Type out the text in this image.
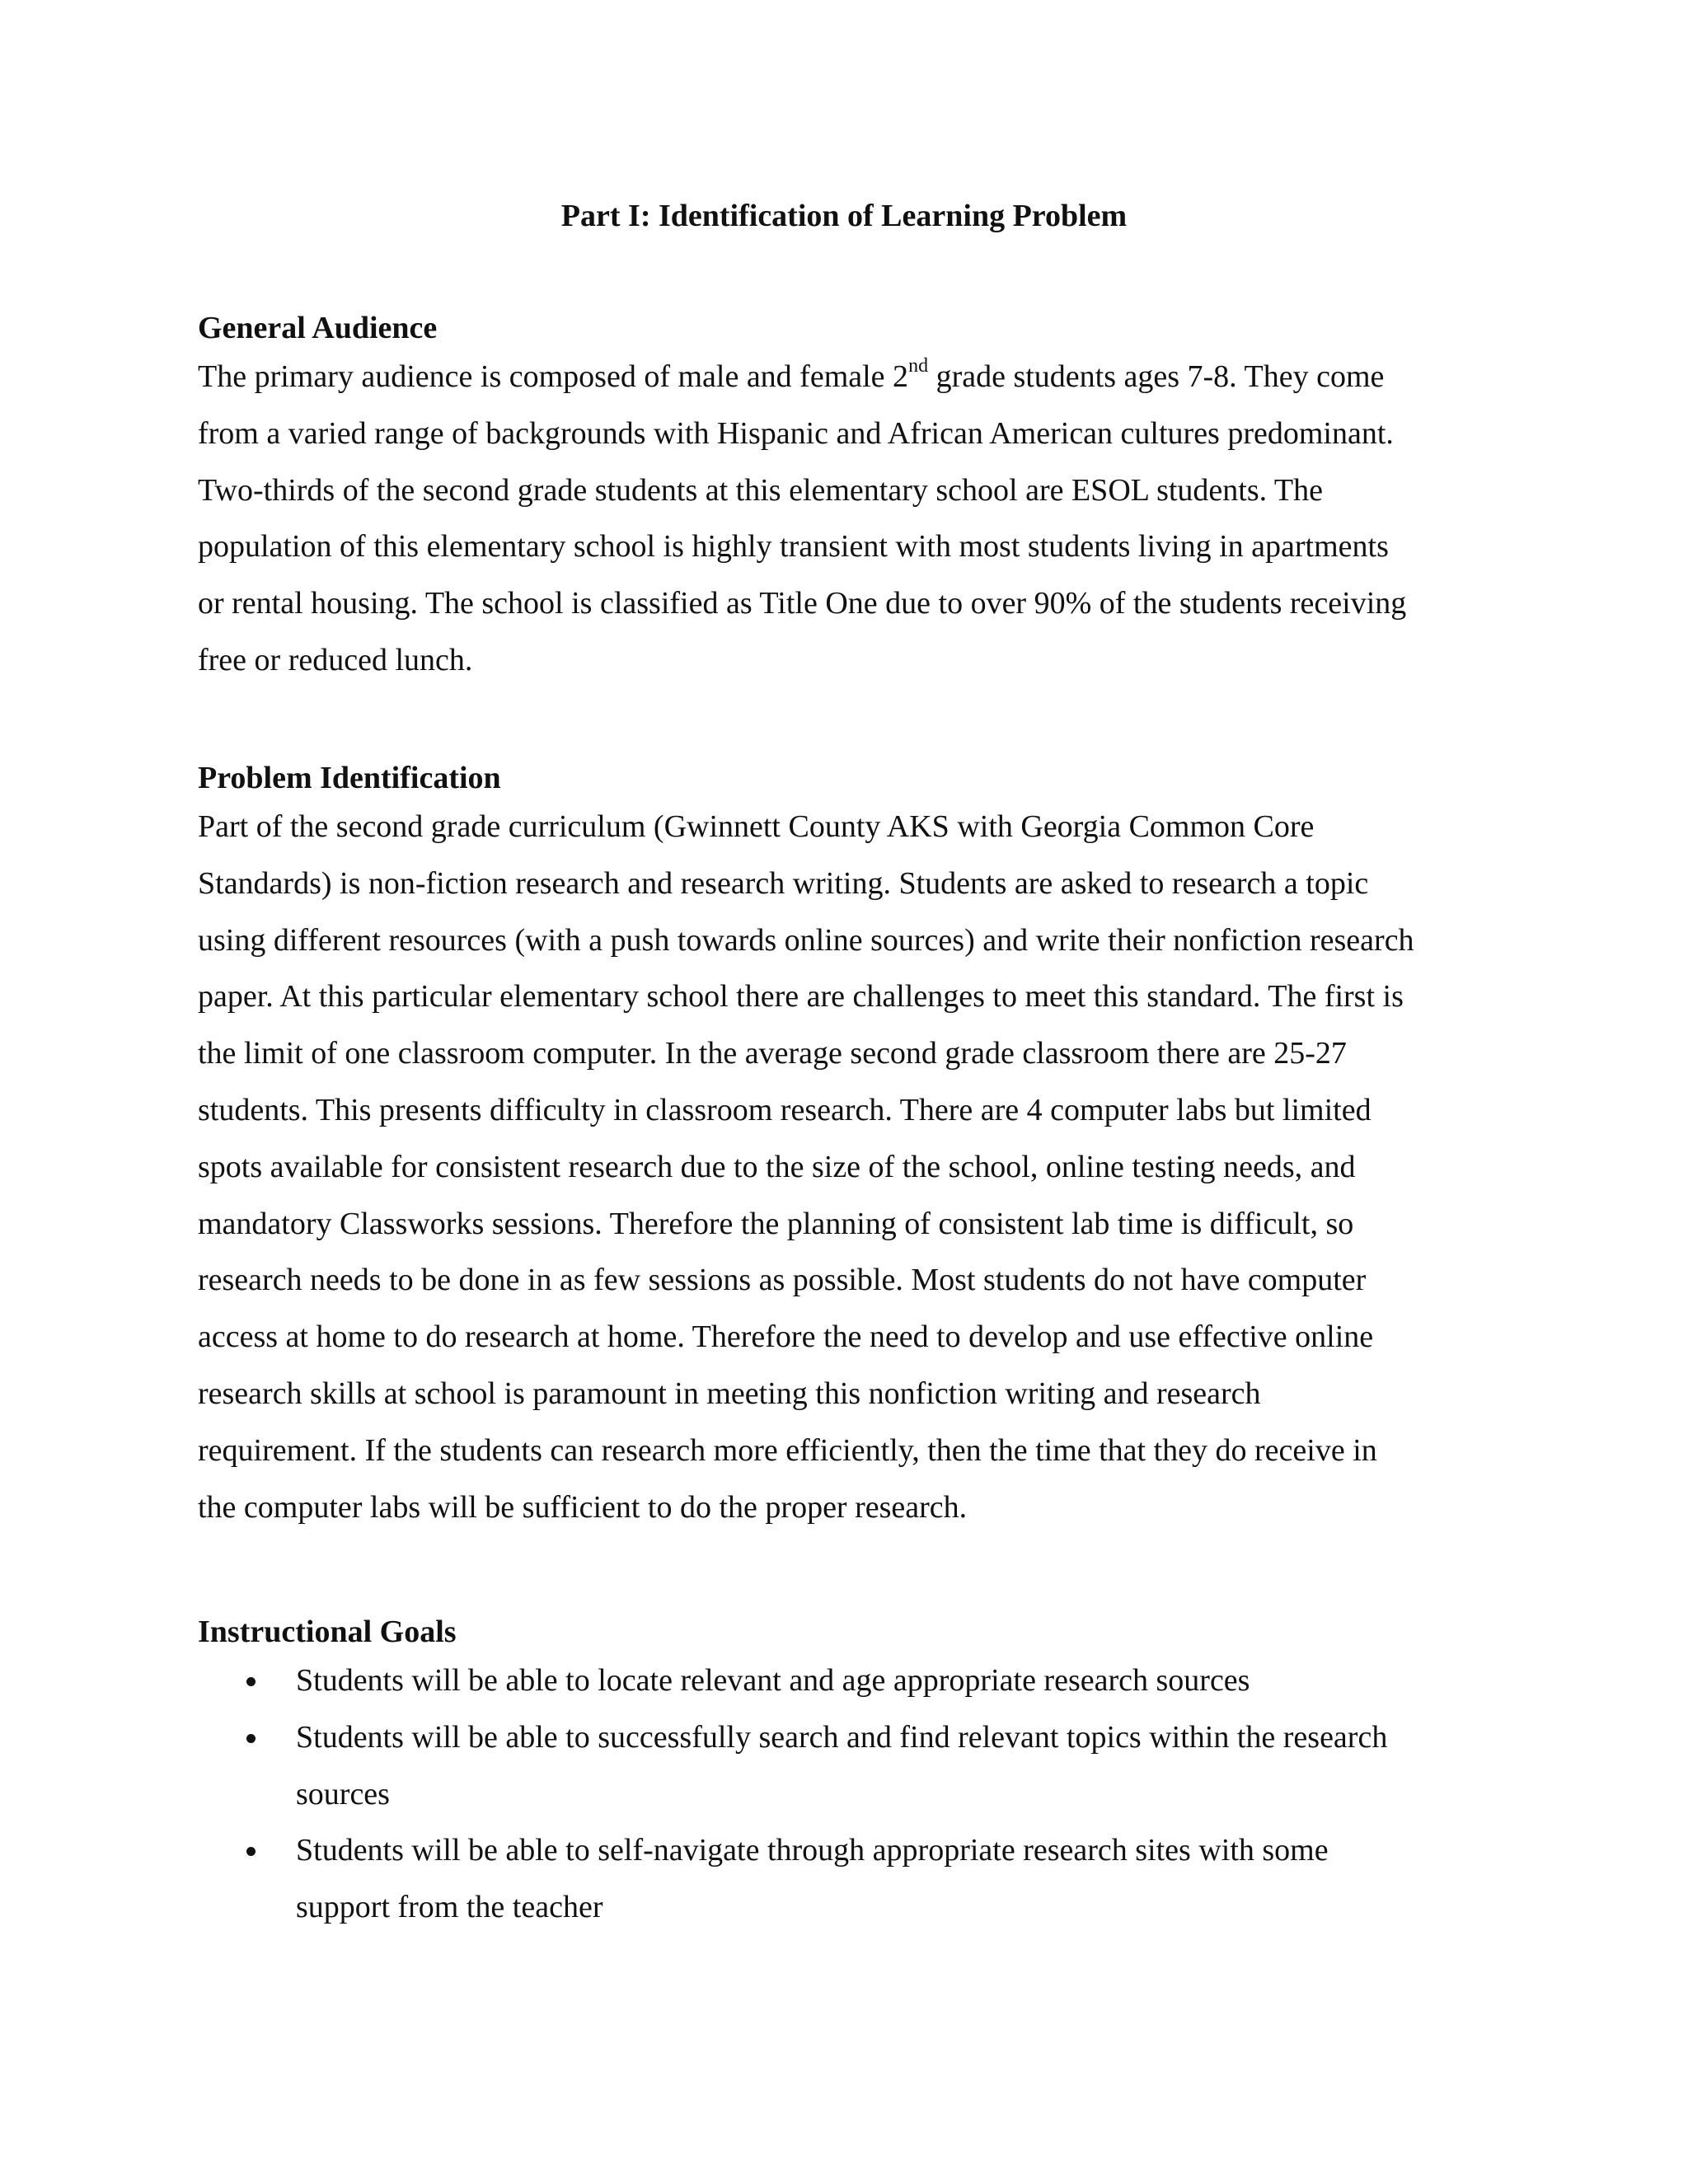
Part I: Identification of Learning Problem
General Audience

The primary audience is composed of male and female 2nd grade students ages 7-8. They come
from a varied range of backgrounds with Hispanic and African American cultures predominant.
Two-thirds of the second grade students at this elementary school are ESOL students. The
population of this elementary school is highly transient with most students living in apartments
or rental housing. The school is classified as Title One due to over 90% of the students receiving
free or reduced lunch.

Problem Identification

Part of the second grade curriculum (Gwinnett County AKS with Georgia Common Core
Standards) is non-fiction research and research writing. Students are asked to research a topic
using different resources (with a push towards online sources) and write their nonfiction research
paper. At this particular elementary school there are challenges to meet this standard. The first is
the limit of one classroom computer. In the average second grade classroom there are 25-27
students. This presents difficulty in classroom research. There are 4 computer labs but limited
spots available for consistent research due to the size of the school, online testing needs, and
mandatory Classworks sessions. Therefore the planning of consistent lab time is difficult, so
research needs to be done in as few sessions as possible. Most students do not have computer
access at home to do research at home. Therefore the need to develop and use effective online
research skills at school is paramount in meeting this nonfiction writing and research
requirement. If the students can research more efficiently, then the time that they do receive in
the computer labs will be sufficient to do the proper research.

Instructional Goals
Students will be able to locate relevant and age appropriate research sources
Students will be able to successfully search and find relevant topics within the research
sources
Students will be able to self-navigate through appropriate research sites with some
support from the teacher
